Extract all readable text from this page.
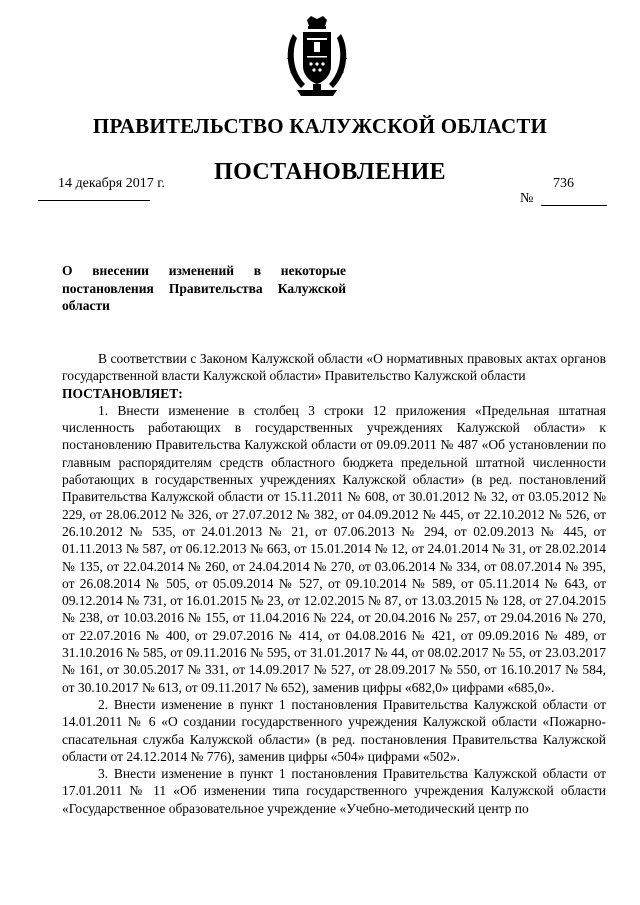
ПРАВИТЕЛЬСТВО КАЛУЖСКОЙ ОБЛАСТИ
14 декабря 2017 г. ПОСТАНОВЛЕНИЕ	736
№
О внесении изменений в некоторые постановления Правительства Калужской области

В соответствии с Законом Калужской области «О нормативных правовых актах органов государственной власти Калужской области» Правительство Калужской области

ПОСТАНОВЛЯЕТ:

1. Внести изменение в столбец 3 строки 12 приложения «Предельная штатная численность работающих в государственных учреждениях Калужской области» к постановлению Правительства Калужской области от 09.09.2011 № 487 «Об установлении по главным распорядителям средств областного бюджета предельной штатной численности работающих в государственных учреждениях Калужской области» (в ред. постановлений Правительства Калужской области от 15.11.2011 № 608, от 30.01.2012 № 32, от 03.05.2012 № 229, от 28.06.2012 № 326, от 27.07.2012 № 382, от 04.09.2012 № 445, от 22.10.2012 № 526, от 26.10.2012 № 535, от 24.01.2013 № 21, от 07.06.2013 № 294, от 02.09.2013 № 445, от 01.11.2013 № 587, от 06.12.2013 № 663, от 15.01.2014 № 12, от 24.01.2014 № 31, от 28.02.2014 № 135, от 22.04.2014 № 260, от 24.04.2014 № 270, от 03.06.2014 № 334, от 08.07.2014 № 395, от 26.08.2014 № 505, от 05.09.2014 № 527, от 09.10.2014 № 589, от 05.11.2014 № 643, от 09.12.2014 № 731, от 16.01.2015 № 23, от 12.02.2015 № 87, от 13.03.2015 № 128, от 27.04.2015 № 238, от 10.03.2016 № 155, от 11.04.2016 № 224, от 20.04.2016 № 257, от 29.04.2016 № 270, от 22.07.2016 № 400, от 29.07.2016 № 414, от 04.08.2016 № 421, от 09.09.2016 № 489, от 31.10.2016 № 585, от 09.11.2016 № 595, от 31.01.2017 № 44, от 08.02.2017 № 55, от 23.03.2017 № 161, от 30.05.2017 № 331, от 14.09.2017 № 527, от 28.09.2017 № 550, от 16.10.2017 № 584, от 30.10.2017 № 613, от 09.11.2017 № 652), заменив цифры «682,0» цифрами «685,0».

2. Внести изменение в пункт 1 постановления Правительства Калужской области от 14.01.2011 № 6 «О создании государственного учреждения Калужской области «Пожарно-спасательная служба Калужской области» (в ред. постановления Правительства Калужской области от 24.12.2014 № 776), заменив цифры «504» цифрами «502».

3. Внести изменение в пункт 1 постановления Правительства Калужской области от 17.01.2011 № 11 «Об изменении типа государственного учреждения Калужской области «Государственное образовательное учреждение «Учебно-методический центр по
